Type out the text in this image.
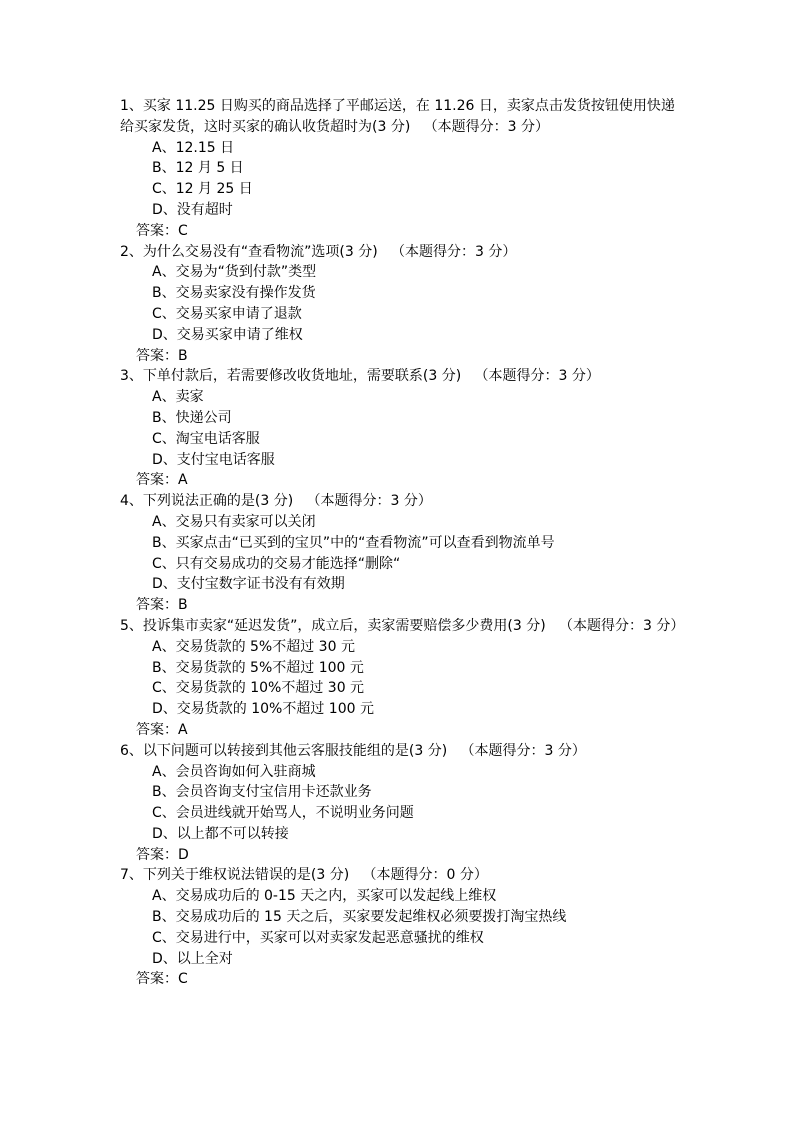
1、买家 11.25 日购买的商品选择了平邮运送，在 11.26 日，卖家点击发货按钮使用快递给买家发货，这时买家的确认收货超时为(3 分)   （本题得分：3 分）
A、12.15 日
B、12 月 5 日
C、12 月 25 日
D、没有超时
答案：C
2、为什么交易没有“查看物流”选项(3 分)   （本题得分：3 分）
A、交易为“货到付款”类型
B、交易卖家没有操作发货
C、交易买家申请了退款
D、交易买家申请了维权
答案：B
3、下单付款后，若需要修改收货地址，需要联系(3 分)   （本题得分：3 分）
A、卖家
B、快递公司
C、淘宝电话客服
D、支付宝电话客服
答案：A
4、下列说法正确的是(3 分)   （本题得分：3 分）
A、交易只有卖家可以关闭
B、买家点击“已买到的宝贝”中的“查看物流”可以查看到物流单号
C、只有交易成功的交易才能选择“删除“
D、支付宝数字证书没有有效期
答案：B
5、投诉集市卖家“延迟发货”，成立后，卖家需要赔偿多少费用(3 分)   （本题得分：3 分）
A、交易货款的 5%不超过 30 元
B、交易货款的 5%不超过 100 元
C、交易货款的 10%不超过 30 元
D、交易货款的 10%不超过 100 元
答案：A
6、以下问题可以转接到其他云客服技能组的是(3 分)   （本题得分：3 分）
A、会员咨询如何入驻商城
B、会员咨询支付宝信用卡还款业务
C、会员进线就开始骂人，不说明业务问题
D、以上都不可以转接
答案：D
7、下列关于维权说法错误的是(3 分)   （本题得分：0 分）
A、交易成功后的 0-15 天之内，买家可以发起线上维权
B、交易成功后的 15 天之后，买家要发起维权必须要拨打淘宝热线
C、交易进行中，买家可以对卖家发起恶意骚扰的维权
D、以上全对
答案：C
